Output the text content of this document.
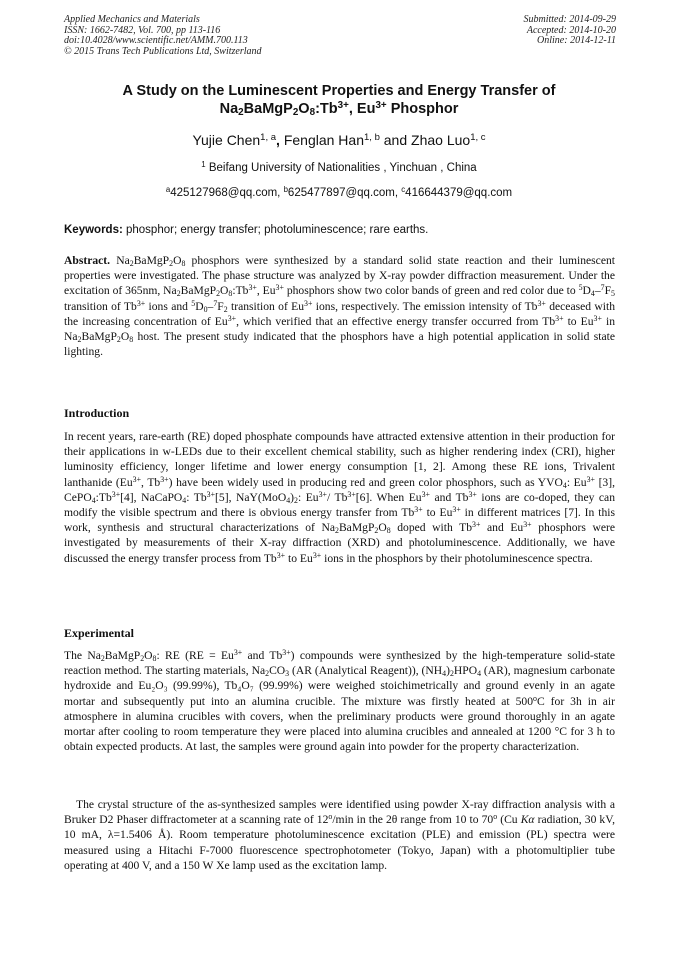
Applied Mechanics and Materials
ISSN: 1662-7482, Vol. 700, pp 113-116
doi:10.4028/www.scientific.net/AMM.700.113
© 2015 Trans Tech Publications Ltd, Switzerland
Submitted: 2014-09-29
Accepted: 2014-10-20
Online: 2014-12-11
A Study on the Luminescent Properties and Energy Transfer of
$Na_2BaMgP_2O_8:Tb^{3+}$, $Eu^{3+}$ Phosphor
Yujie Chen$^{1, a}$, Fenglan Han$^{1, b}$ and Zhao Luo$^{1, c}$
$^1$ Beifang University of Nationalities , Yinchuan , China
$^a$425127968@qq.com, $^b$625477897@qq.com, $^c$416644379@qq.com
Keywords: phosphor; energy transfer; photoluminescence; rare earths.
Abstract. $Na_2BaMgP_2O_8$ phosphors were synthesized by a standard solid state reaction and their luminescent properties were investigated. The phase structure was analyzed by X-ray powder diffraction measurement. Under the excitation of 365nm, $Na_2BaMgP_2O_8:Tb^{3+}$, $Eu^{3+}$ phosphors show two color bands of green and red color due to $^5D_4-^7F_5$ transition of $Tb^{3+}$ ions and $^5D_0-^7F_2$ transition of $Eu^{3+}$ ions, respectively. The emission intensity of $Tb^{3+}$ deceased with the increasing concentration of $Eu^{3+}$, which verified that an effective energy transfer occurred from $Tb^{3+}$ to $Eu^{3+}$ in $Na_2BaMgP_2O_8$ host. The present study indicated that the phosphors have a high potential application in solid state lighting.
Introduction
In recent years, rare-earth (RE) doped phosphate compounds have attracted extensive attention in their production for their applications in w-LEDs due to their excellent chemical stability, such as higher rendering index (CRI), higher luminosity efficiency, longer lifetime and lower energy consumption [1, 2]. Among these RE ions, Trivalent lanthanide ($Eu^{3+}$, $Tb^{3+}$) have been widely used in producing red and green color phosphors, such as $YVO_4$: $Eu^{3+}$ [3], $CePO_4:Tb^{3+}[4]$, NaCaPO$_4$: $Tb^{3+}[5]$, $NaY(MoO_4)_2$: $Eu^{3+}/$ $Tb^{3+}[6]$. When $Eu^{3+}$ and $Tb^{3+}$ ions are co-doped, they can modify the visible spectrum and there is obvious energy transfer from $Tb^{3+}$ to $Eu^{3+}$ in different matrices [7]. In this work, synthesis and structural characterizations of $Na_2BaMgP_2O_8$ doped with $Tb^{3+}$ and $Eu^{3+}$ phosphors were investigated by measurements of their X-ray diffraction (XRD) and photoluminescence. Additionally, we have discussed the energy transfer process from $Tb^{3+}$ to $Eu^{3+}$ ions in the phosphors by their photoluminescence spectra.
Experimental
The $Na_2BaMgP_2O_8$: RE ($RE = Eu^{3+}$ and $Tb^{3+}$) compounds were synthesized by the high-temperature solid-state reaction method. The starting materials, $Na_2CO_3$ (AR (Analytical Reagent)), $(NH_4)_2HPO_4$ (AR), magnesium carbonate hydroxide and Eu₂O₃ (99.99%), Tb₄O₇ (99.99%) were weighed stoichimetrically and ground evenly in an agate mortar and subsequently put into an alumina crucible. The mixture was firstly heated at 500$^o$C for 3h in air atmosphere in alumina crucibles with covers, when the preliminary products were ground thoroughly in an agate mortar after cooling to room temperature they were placed into alumina crucibles and annealed at 1200 °C for 3 h to obtain expected products. At last, the samples were ground again into powder for the property characterization.
The crystal structure of the as-synthesized samples were identified using powder X-ray diffraction analysis with a Bruker D2 Phaser diffractometer at a scanning rate of 12$^o$/min in the 2θ range from 10 to 70$^o$ (Cu Kα radiation, 30 kV, 10 mA, λ=1.5406 Å). Room temperature photoluminescence excitation (PLE) and emission (PL) spectra were measured using a Hitachi F-7000 fluorescence spectrophotometer (Tokyo, Japan) with a photomultiplier tube operating at 400 V, and a 150 W Xe lamp used as the excitation lamp.
